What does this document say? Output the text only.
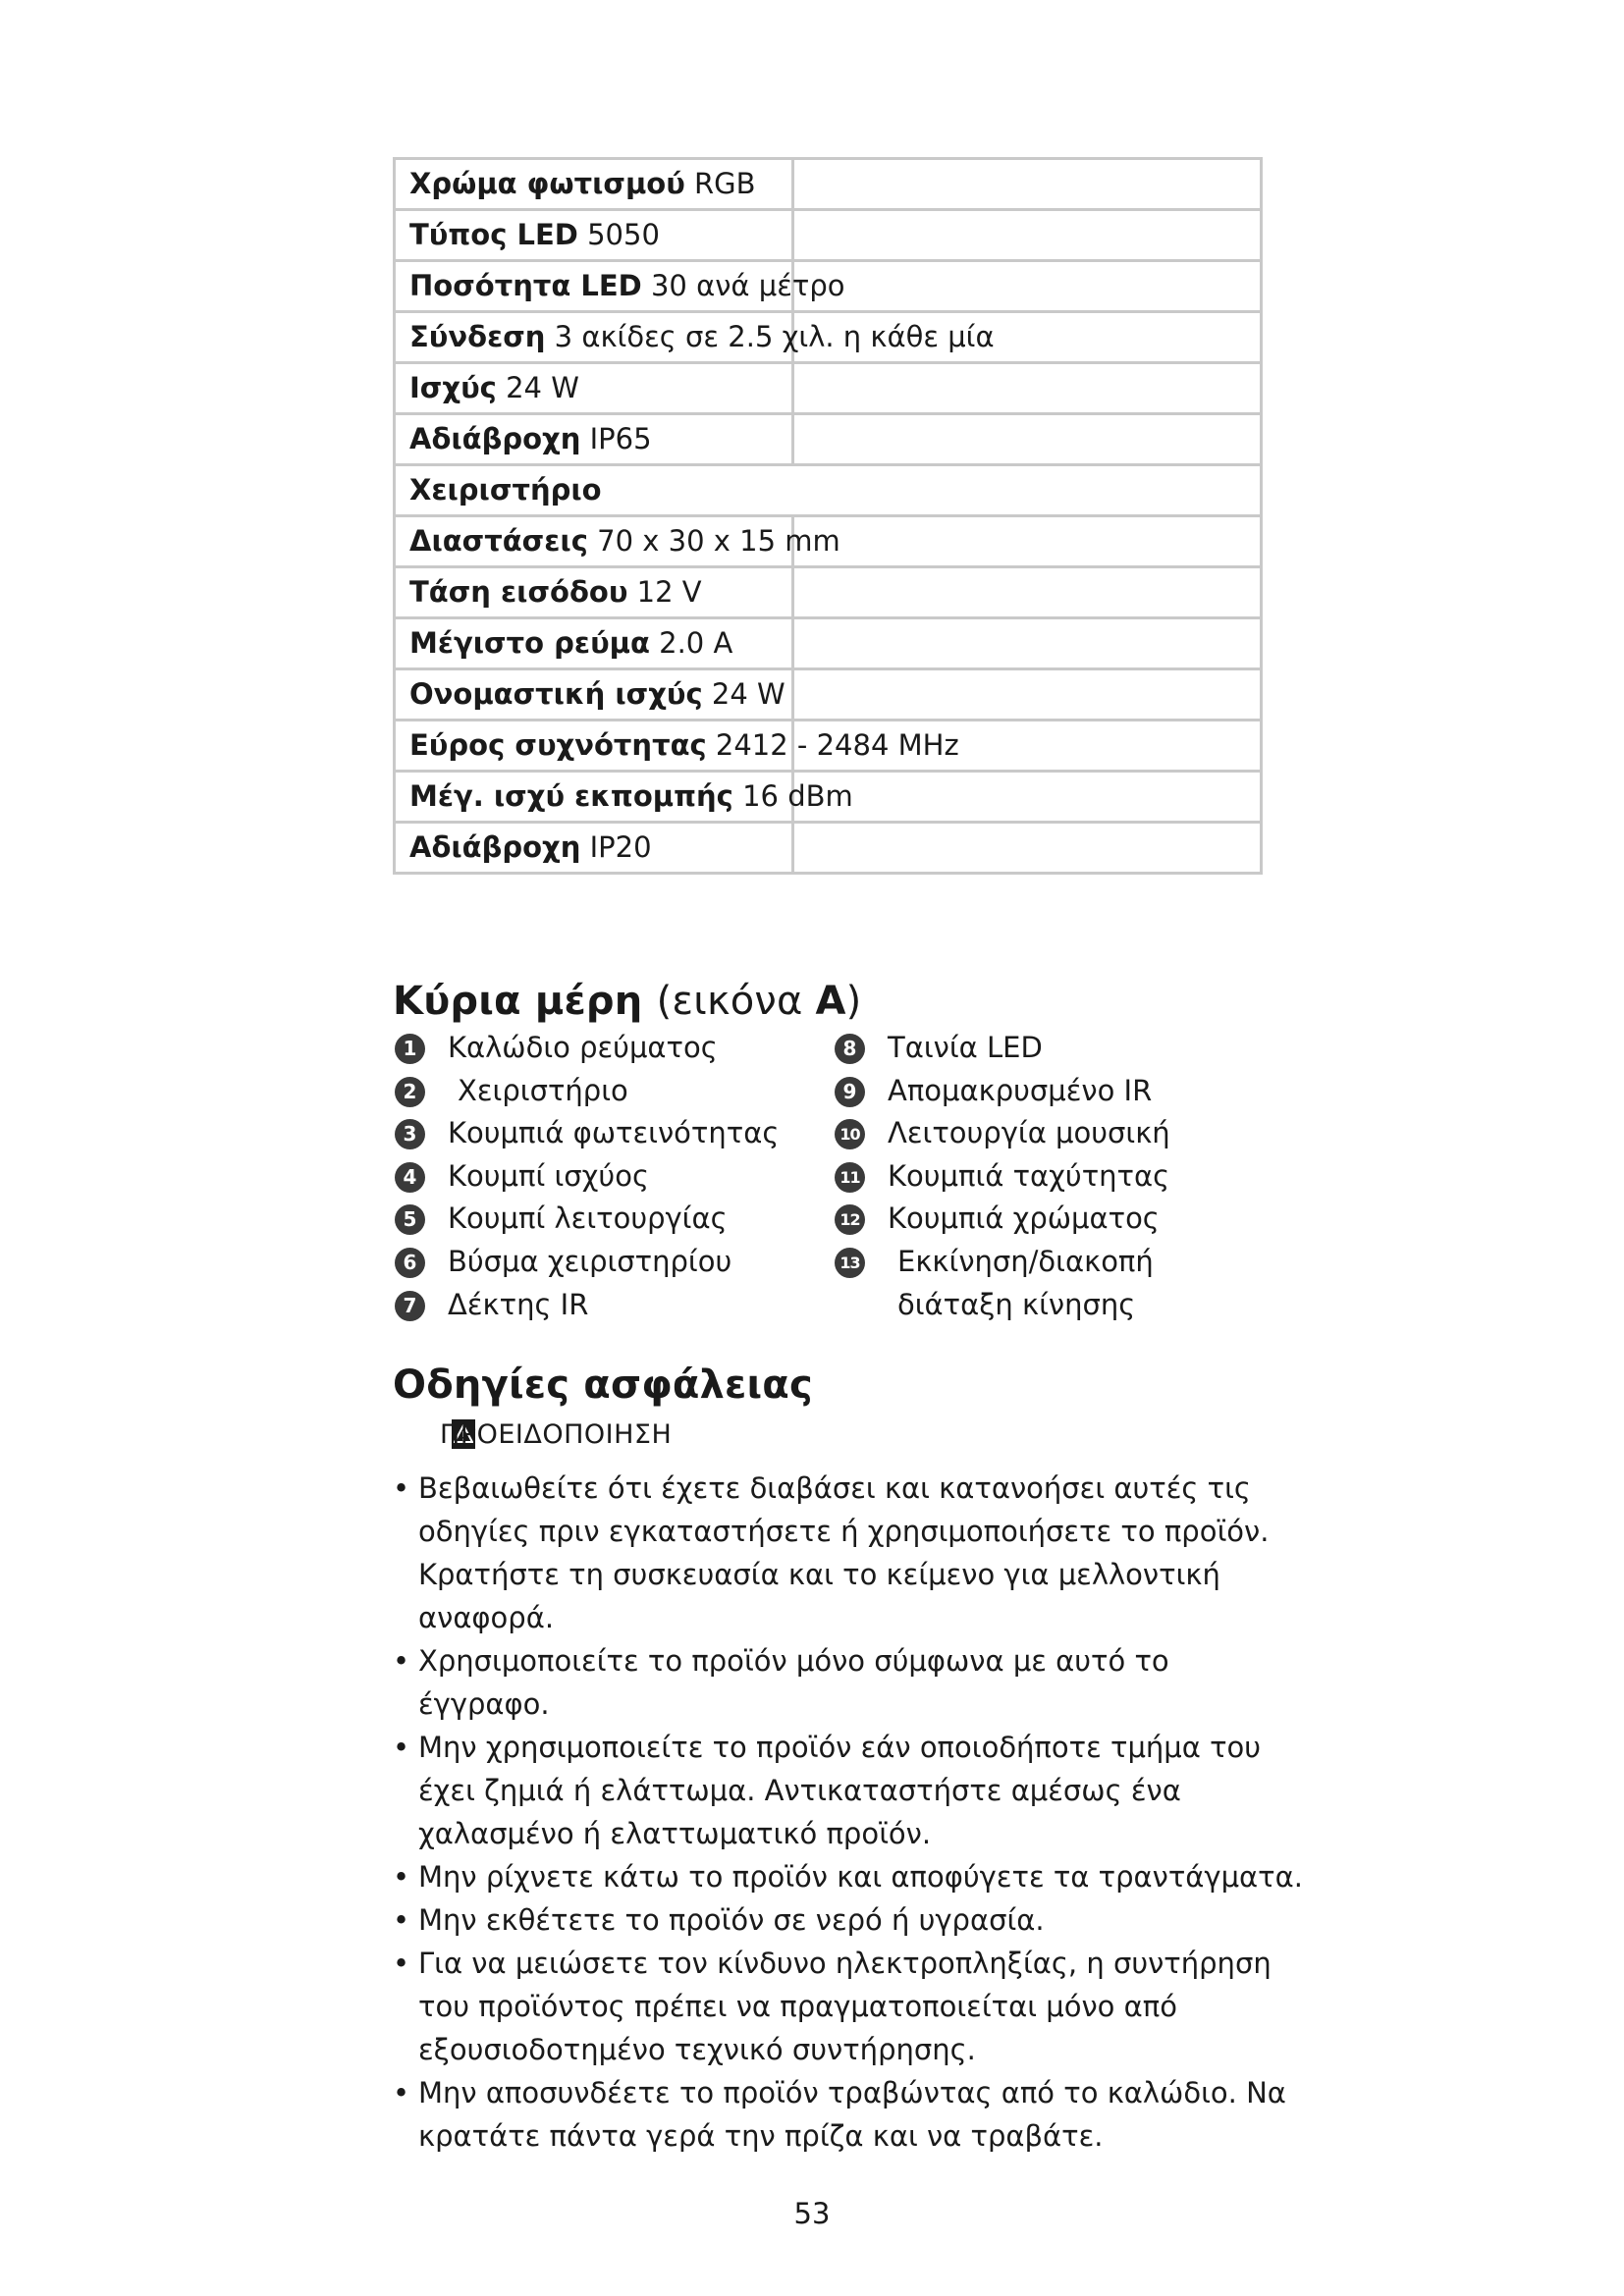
Χρώμα φωτισμού RGB	
Τύπος LED 5050	
Ποσότητα LED 30 ανά μέτρο	
Σύνδεση 3 ακίδες σε 2.5 χιλ. η κάθε μία	
Ισχύς 24 W	
Αδιάβροχη IP65	
Χειριστήριο	
Διαστάσεις 70 x 30 x 15 mm	
Τάση εισόδου 12 V	
Μέγιστο ρεύμα 2.0 A	
Ονομαστική ισχύς 24 W	
Εύρος συχνότητας 2412 - 2484 MHz	
Μέγ. ισχύ εκπομπής 16 dBm	
Αδιάβροχη IP20	
Κύρια μέρη (εικόνα A)
1 Καλώδιο ρεύματος
2 Χειριστήριο
3 Κουμπιά φωτεινότητας
4 Κουμπί ισχύος
5 Κουμπί λειτουργίας
6 Βύσμα χειριστηρίου
7 Δέκτης IR
8 Ταινία LED
9 Απομακρυσμένο IR
10 Λειτουργία μουσική
11 Κουμπιά ταχύτητας
12 Κουμπιά χρώματος
13 Εκκίνηση/διακοπή
διάταξη κίνησης
Οδηγίες ασφάλειας
ΠΡΟΕΙΔΟΠΟΙΗΣΗ
• Βεβαιωθείτε ότι έχετε διαβάσει και κατανοήσει αυτές τις
οδηγίες πριν εγκαταστήσετε ή χρησιμοποιήσετε το προϊόν.
Κρατήστε τη συσκευασία και το κείμενο για μελλοντική
αναφορά.
• Χρησιμοποιείτε το προϊόν μόνο σύμφωνα με αυτό το
έγγραφο.
• Μην χρησιμοποιείτε το προϊόν εάν οποιοδήποτε τμήμα του
έχει ζημιά ή ελάττωμα. Αντικαταστήστε αμέσως ένα
χαλασμένο ή ελαττωματικό προϊόν.
• Μην ρίχνετε κάτω το προϊόν και αποφύγετε τα τραντάγματα.
• Μην εκθέτετε το προϊόν σε νερό ή υγρασία.
• Για να μειώσετε τον κίνδυνο ηλεκτροπληξίας, η συντήρηση
του προϊόντος πρέπει να πραγματοποιείται μόνο από
εξουσιοδοτημένο τεχνικό συντήρησης.
• Μην αποσυνδέετε το προϊόν τραβώντας από το καλώδιο. Να
κρατάτε πάντα γερά την πρίζα και να τραβάτε.
53
